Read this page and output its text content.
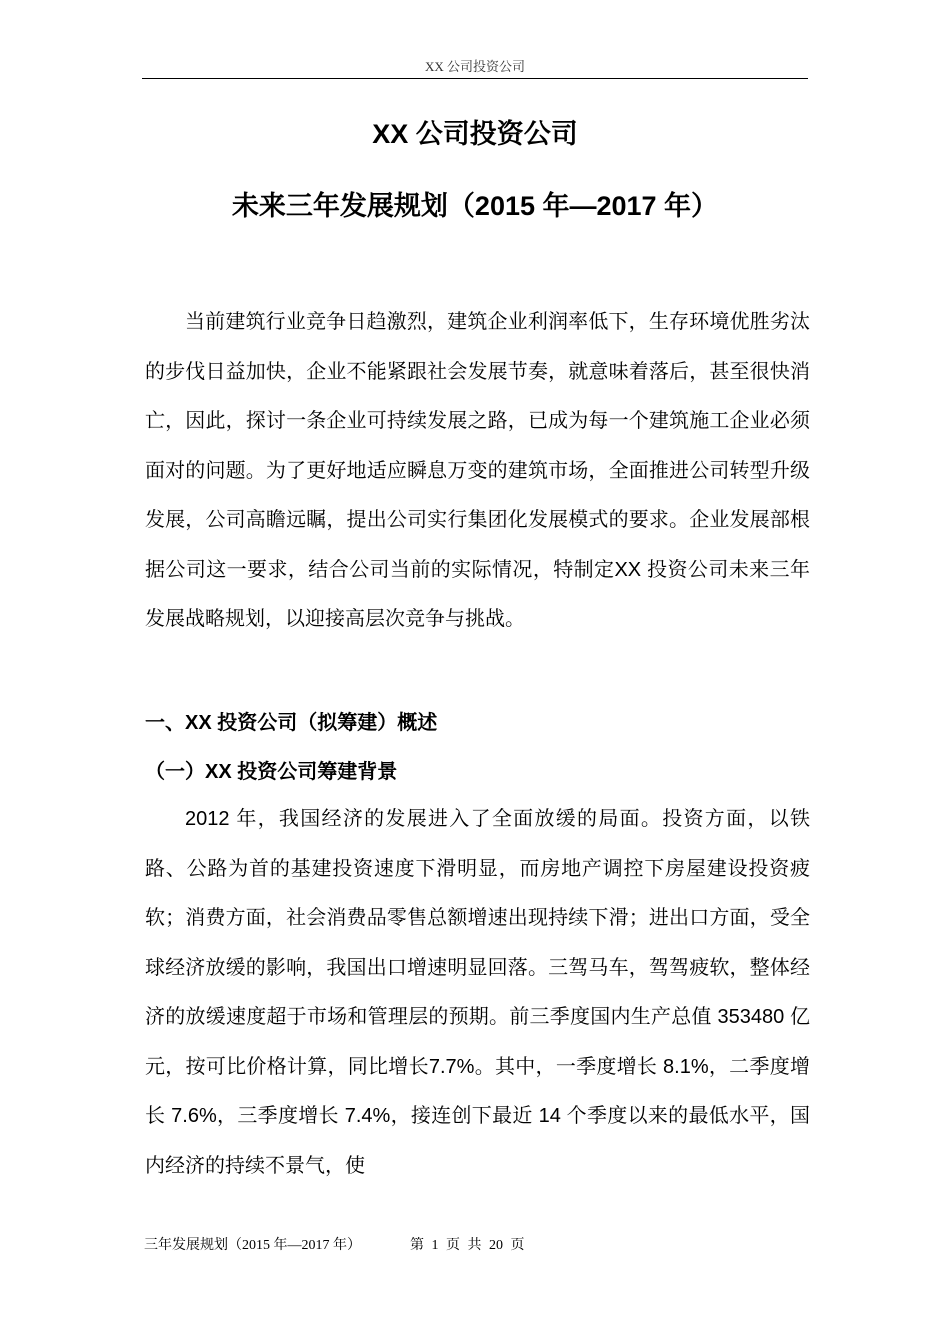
XX 公司投资公司
XX 公司投资公司
未来三年发展规划（2015 年—2017 年）

当前建筑行业竞争日趋激烈，建筑企业利润率低下，生存环境优胜劣汰的步伐日益加快，企业不能紧跟社会发展节奏，就意味着落后，甚至很快消亡，因此，探讨一条企业可持续发展之路，已成为每一个建筑施工企业必须面对的问题。为了更好地适应瞬息万变的建筑市场，全面推进公司转型升级发展，公司高瞻远瞩，提出公司实行集团化发展模式的要求。企业发展部根据公司这一要求，结合公司当前的实际情况，特制定XX 投资公司未来三年发展战略规划，以迎接高层次竞争与挑战。

一、XX 投资公司（拟筹建）概述
（一）XX 投资公司筹建背景

2012 年，我国经济的发展进入了全面放缓的局面。投资方面，以铁路、公路为首的基建投资速度下滑明显，而房地产调控下房屋建设投资疲软；消费方面，社会消费品零售总额增速出现持续下滑；进出口方面，受全球经济放缓的影响，我国出口增速明显回落。三驾马车，驾驾疲软，整体经济的放缓速度超于市场和管理层的预期。前三季度国内生产总值 353480 亿元，按可比价格计算，同比增长7.7%。其中，一季度增长 8.1%，二季度增长 7.6%，三季度增长 7.4%，接连创下最近 14 个季度以来的最低水平，国内经济的持续不景气，使

三年发展规划（2015 年—2017 年）	第 1 页 共 20 页
